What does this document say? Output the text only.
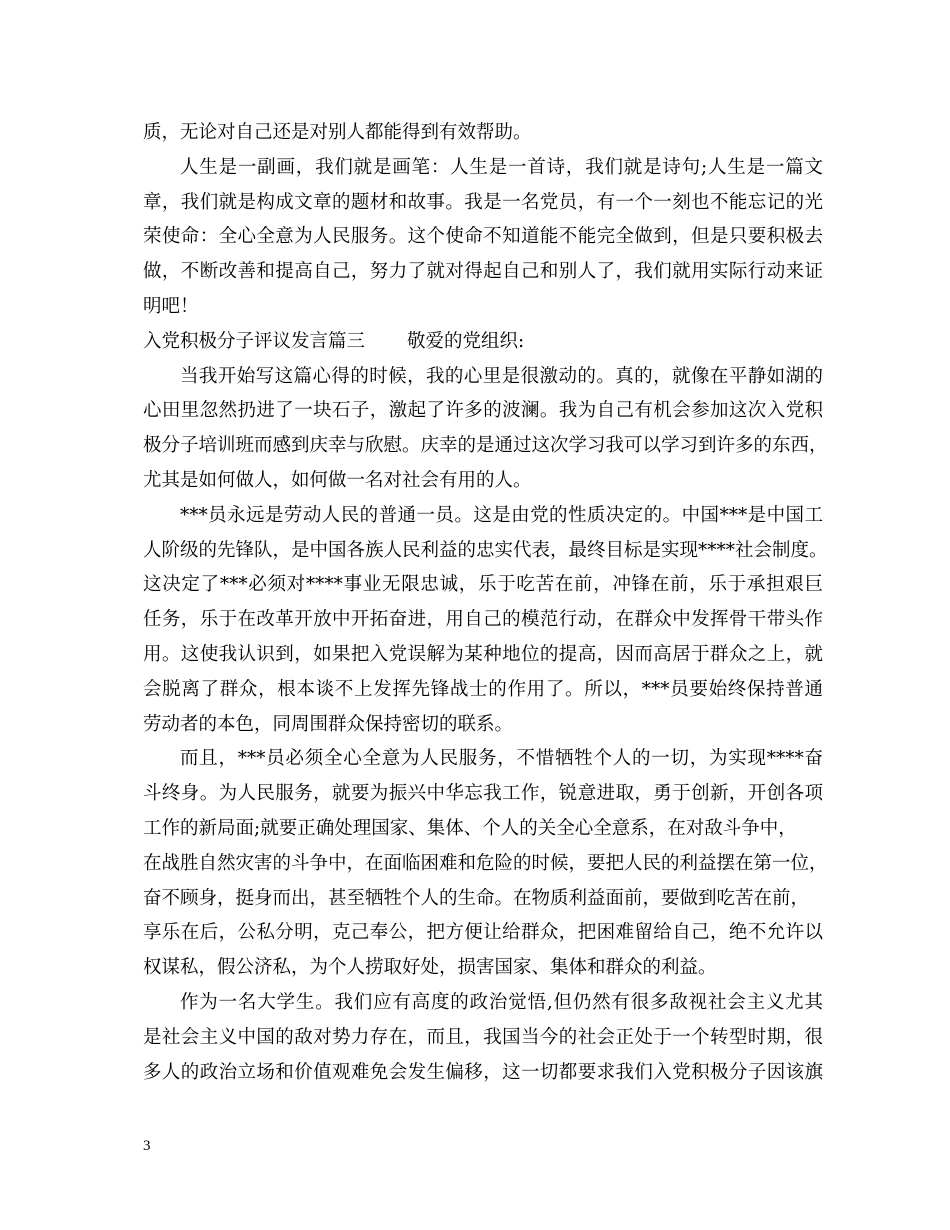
质，无论对自己还是对别人都能得到有效帮助。
人生是一副画，我们就是画笔：人生是一首诗，我们就是诗句;人生是一篇文
章，我们就是构成文章的题材和故事。我是一名党员，有一个一刻也不能忘记的光
荣使命：全心全意为人民服务。这个使命不知道能不能完全做到，但是只要积极去
做，不断改善和提高自己，努力了就对得起自己和别人了，我们就用实际行动来证
明吧！
入党积极分子评议发言篇三 敬爱的党组织:
当我开始写这篇心得的时候，我的心里是很激动的。真的，就像在平静如湖的
心田里忽然扔进了一块石子，激起了许多的波澜。我为自己有机会参加这次入党积
极分子培训班而感到庆幸与欣慰。庆幸的是通过这次学习我可以学习到许多的东西，
尤其是如何做人，如何做一名对社会有用的人。
***员永远是劳动人民的普通一员。这是由党的性质决定的。中国***是中国工
人阶级的先锋队，是中国各族人民利益的忠实代表，最终目标是实现****社会制度。
这决定了***必须对****事业无限忠诚，乐于吃苦在前，冲锋在前，乐于承担艰巨
任务，乐于在改革开放中开拓奋进，用自己的模范行动，在群众中发挥骨干带头作
用。这使我认识到，如果把入党误解为某种地位的提高，因而高居于群众之上，就
会脱离了群众，根本谈不上发挥先锋战士的作用了。所以，***员要始终保持普通
劳动者的本色，同周围群众保持密切的联系。
而且，***员必须全心全意为人民服务，不惜牺牲个人的一切，为实现****奋
斗终身。为人民服务，就要为振兴中华忘我工作，锐意进取，勇于创新，开创各项
工作的新局面;就要正确处理国家、集体、个人的关全心全意系，在对敌斗争中，
在战胜自然灾害的斗争中，在面临困难和危险的时候，要把人民的利益摆在第一位，
奋不顾身，挺身而出，甚至牺牲个人的生命。在物质利益面前，要做到吃苦在前，
享乐在后，公私分明，克己奉公，把方便让给群众，把困难留给自己，绝不允许以
权谋私，假公济私，为个人捞取好处，损害国家、集体和群众的利益。
作为一名大学生。我们应有高度的政治觉悟,但仍然有很多敌视社会主义尤其
是社会主义中国的敌对势力存在，而且，我国当今的社会正处于一个转型时期，很
多人的政治立场和价值观难免会发生偏移，这一切都要求我们入党积极分子因该旗
3
